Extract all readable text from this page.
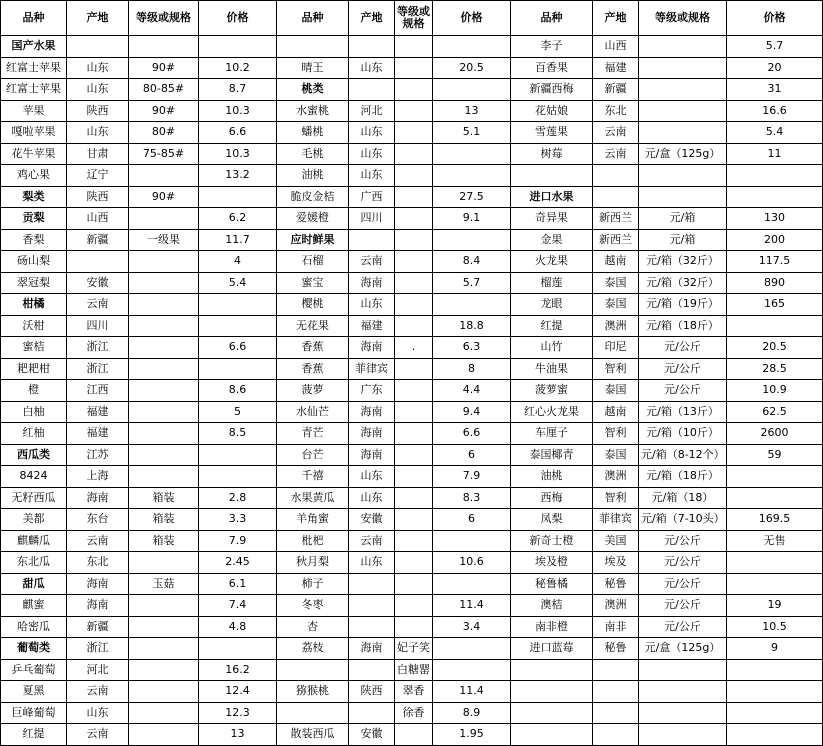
品种	产地	等级或规格	价格	品种	产地	等级或规格	价格	品种	产地	等级或规格	价格
国产水果								李子	山西		5.7
红富士苹果	山东	90#	10.2	晴王	山东		20.5	百香果	福建		20
红富士苹果	山东	80-85#	8.7	桃类				新疆西梅	新疆		31
苹果	陕西	90#	10.3	水蜜桃	河北		13	花姑娘	东北		16.6
嘎啦苹果	山东	80#	6.6	蟠桃	山东		5.1	雪莲果	云南		5.4
花牛苹果	甘肃	75-85#	10.3	毛桃	山东			树莓	云南	元/盒（125g）	11
鸡心果	辽宁		13.2	油桃	山东						
梨类	陕西	90#		脆皮金桔	广西		27.5	进口水果			
贡梨	山西		6.2	爱媛橙	四川		9.1	奇异果	新西兰	元/箱	130
香梨	新疆	一级果	11.7	应时鲜果				金果	新西兰	元/箱	200
砀山梨			4	石榴	云南		8.4	火龙果	越南	元/箱（32斤）	117.5
翠冠梨	安徽		5.4	蜜宝	海南		5.7	榴莲	泰国	元/箱（32斤）	890
柑橘	云南			樱桃	山东			龙眼	泰国	元/箱（19斤）	165
沃柑	四川			无花果	福建		18.8	红提	澳洲	元/箱（18斤）	
蜜桔	浙江		6.6	香蕉	海南	.	6.3	山竹	印尼	元/公斤	20.5
耙耙柑	浙江			香蕉	菲律宾		8	牛油果	智利	元/公斤	28.5
橙	江西		8.6	菠萝	广东		4.4	菠萝蜜	泰国	元/公斤	10.9
白柚	福建		5	水仙芒	海南		9.4	红心火龙果	越南	元/箱（13斤）	62.5
红柚	福建		8.5	青芒	海南		6.6	车厘子	智利	元/箱（10斤）	2600
西瓜类	江苏			台芒	海南		6	泰国椰青	泰国	元/箱（8-12个）	59
8424	上海			千禧	山东		7.9	油桃	澳洲	元/箱（18斤）	
无籽西瓜	海南	箱装	2.8	水果黄瓜	山东		8.3	西梅	智利	元/箱（18）	
美都	东台	箱装	3.3	羊角蜜	安徽		6	凤梨	菲律宾	元/箱（7-10头）	169.5
麒麟瓜	云南	箱装	7.9	枇杷	云南			新奇士橙	美国	元/公斤	无售
东北瓜	东北		2.45	秋月梨	山东		10.6	埃及橙	埃及	元/公斤	
甜瓜	海南	玉菇	6.1	柿子				秘鲁橘	秘鲁	元/公斤	
麒蜜	海南		7.4	冬枣			11.4	澳桔	澳洲	元/公斤	19
哈密瓜	新疆		4.8	杏			3.4	南非橙	南非	元/公斤	10.5
葡萄类	浙江			荔枝	海南	妃子笑		进口蓝莓	秘鲁	元/盒（125g）	9
乒乓葡萄	河北		16.2			白糖罂					
夏黑	云南		12.4	猕猴桃	陕西	翠香	11.4				
巨峰葡萄	山东		12.3			徐香	8.9				
红提	云南		13	散装西瓜	安徽		1.95				
